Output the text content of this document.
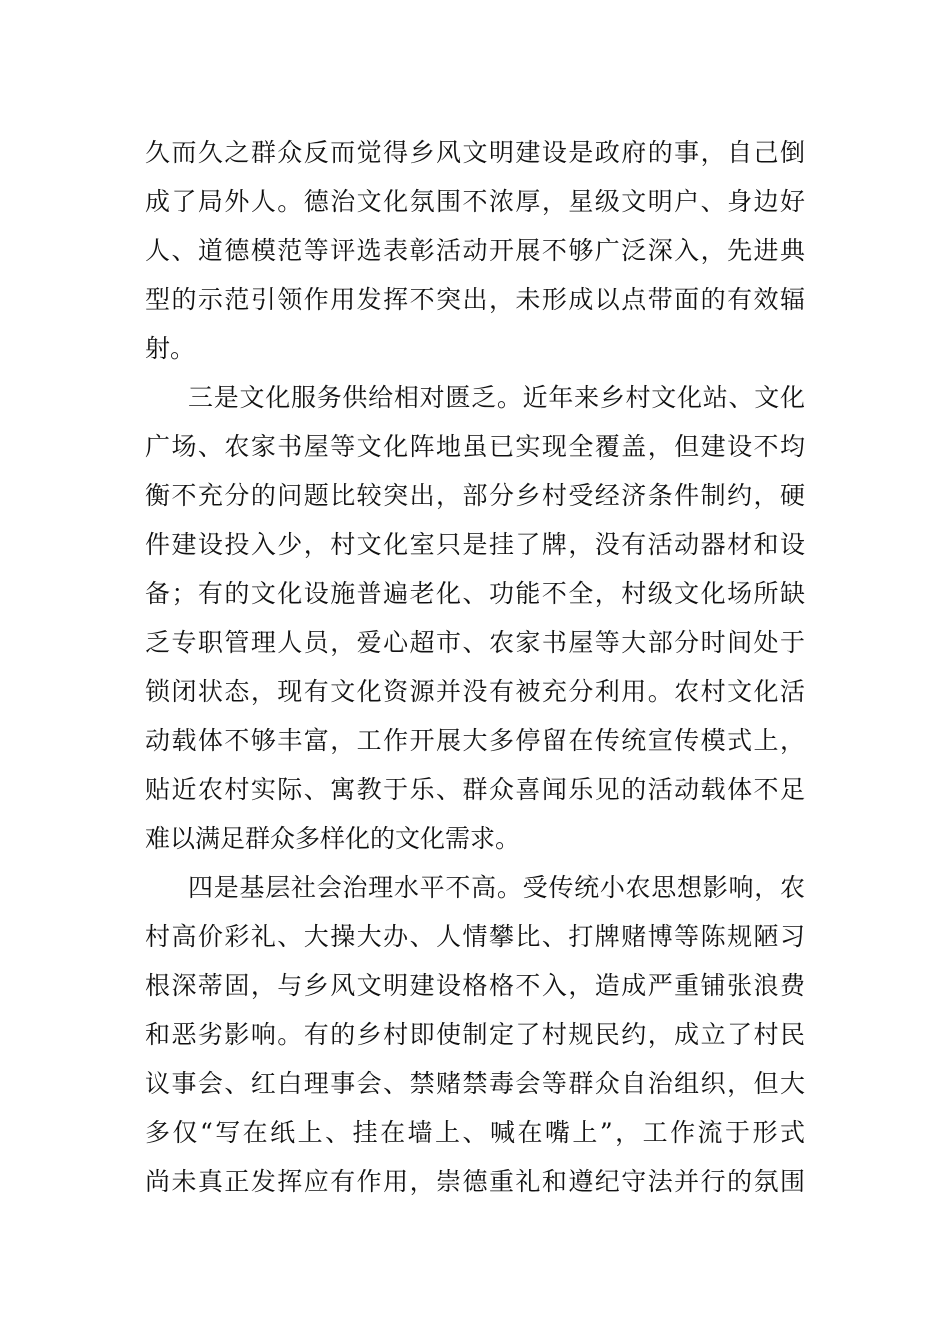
久而久之群众反而觉得乡风文明建设是政府的事，自己倒
成了局外人。德治文化氛围不浓厚，星级文明户、身边好
人、道德模范等评选表彰活动开展不够广泛深入，先进典
型的示范引领作用发挥不突出，未形成以点带面的有效辐
射。
三是文化服务供给相对匮乏。近年来乡村文化站、文化
广场、农家书屋等文化阵地虽已实现全覆盖，但建设不均
衡不充分的问题比较突出，部分乡村受经济条件制约，硬
件建设投入少，村文化室只是挂了牌，没有活动器材和设
备；有的文化设施普遍老化、功能不全，村级文化场所缺
乏专职管理人员，爱心超市、农家书屋等大部分时间处于
锁闭状态，现有文化资源并没有被充分利用。农村文化活
动载体不够丰富，工作开展大多停留在传统宣传模式上，
贴近农村实际、寓教于乐、群众喜闻乐见的活动载体不足
难以满足群众多样化的文化需求。
四是基层社会治理水平不高。受传统小农思想影响，农
村高价彩礼、大操大办、人情攀比、打牌赌博等陈规陋习
根深蒂固，与乡风文明建设格格不入，造成严重铺张浪费
和恶劣影响。有的乡村即使制定了村规民约，成立了村民
议事会、红白理事会、禁赌禁毒会等群众自治组织，但大
多仅“写在纸上、挂在墙上、喊在嘴上”，工作流于形式
尚未真正发挥应有作用，崇德重礼和遵纪守法并行的氛围
